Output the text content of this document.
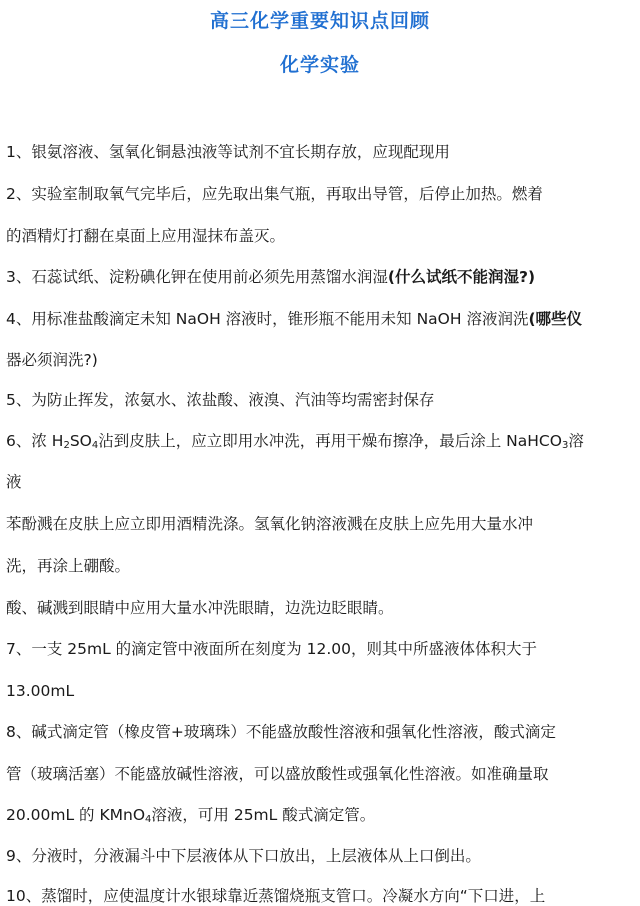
高三化学重要知识点回顾
化学实验
1、银氨溶液、氢氧化铜悬浊液等试剂不宜长期存放，应现配现用
2、实验室制取氧气完毕后，应先取出集气瓶，再取出导管，后停止加热。燃着
的酒精灯打翻在桌面上应用湿抹布盖灭。
3、石蕊试纸、淀粉碘化钾在使用前必须先用蒸馏水润湿(什么试纸不能润湿?)
4、用标准盐酸滴定未知 NaOH 溶液时，锥形瓶不能用未知 NaOH 溶液润洗(哪些仪
器必须润洗?)
5、为防止挥发，浓氨水、浓盐酸、液溴、汽油等均需密封保存
6、浓 $H_2SO_4$沾到皮肤上，应立即用水冲洗，再用干燥布擦净，最后涂上 NaHCO$_3$溶
液
苯酚溅在皮肤上应立即用酒精洗涤。氢氧化钠溶液溅在皮肤上应先用大量水冲
洗，再涂上硼酸。
酸、碱溅到眼睛中应用大量水冲洗眼睛，边洗边眨眼睛。
7、一支 25mL 的滴定管中液面所在刻度为 12.00，则其中所盛液体体积大于
13.00mL
8、碱式滴定管（橡皮管+玻璃珠）不能盛放酸性溶液和强氧化性溶液，酸式滴定
管（玻璃活塞）不能盛放碱性溶液，可以盛放酸性或强氧化性溶液。如准确量取
20.00mL 的 KMnO$_4$溶液，可用 25mL 酸式滴定管。
9、分液时，分液漏斗中下层液体从下口放出，上层液体从上口倒出。
10、蒸馏时，应使温度计水银球靠近蒸馏烧瓶支管口。冷凝水方向“下口进，上
